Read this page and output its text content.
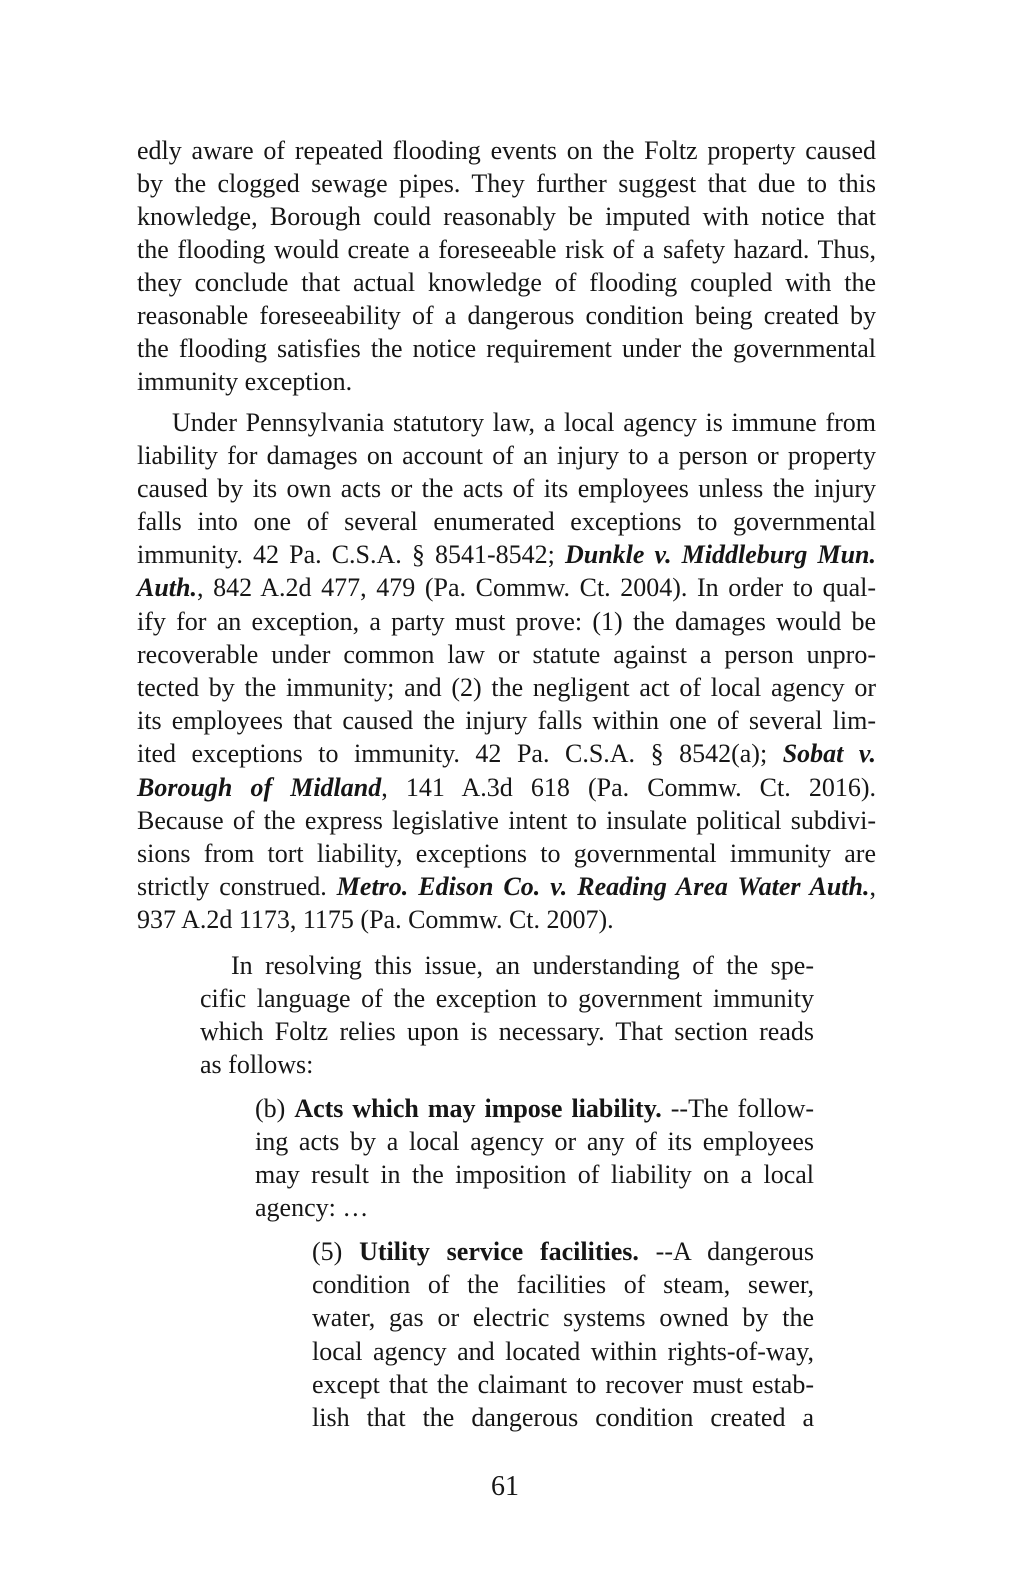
edly aware of repeated flooding events on the Foltz property caused
by the clogged sewage pipes. They further suggest that due to this
knowledge, Borough could reasonably be imputed with notice that
the flooding would create a foreseeable risk of a safety hazard. Thus,
they conclude that actual knowledge of flooding coupled with the
reasonable foreseeability of a dangerous condition being created by
the flooding satisfies the notice requirement under the governmental
immunity exception.
Under Pennsylvania statutory law, a local agency is immune from
liability for damages on account of an injury to a person or property
caused by its own acts or the acts of its employees unless the injury
falls into one of several enumerated exceptions to governmental
immunity. 42 Pa. C.S.A. § 8541-8542; Dunkle v. Middleburg Mun.
Auth., 842 A.2d 477, 479 (Pa. Commw. Ct. 2004). In order to qual-
ify for an exception, a party must prove: (1) the damages would be
recoverable under common law or statute against a person unpro-
tected by the immunity; and (2) the negligent act of local agency or
its employees that caused the injury falls within one of several lim-
ited exceptions to immunity. 42 Pa. C.S.A. § 8542(a); Sobat v.
Borough of Midland, 141 A.3d 618 (Pa. Commw. Ct. 2016).
Because of the express legislative intent to insulate political subdivi-
sions from tort liability, exceptions to governmental immunity are
strictly construed. Metro. Edison Co. v. Reading Area Water Auth.,
937 A.2d 1173, 1175 (Pa. Commw. Ct. 2007).
In resolving this issue, an understanding of the spe-
cific language of the exception to government immunity
which Foltz relies upon is necessary. That section reads
as follows:
(b) Acts which may impose liability. --The follow-
ing acts by a local agency or any of its employees
may result in the imposition of liability on a local
agency: …
(5) Utility service facilities. --A dangerous
condition of the facilities of steam, sewer,
water, gas or electric systems owned by the
local agency and located within rights-of-way,
except that the claimant to recover must estab-
lish that the dangerous condition created a
61
